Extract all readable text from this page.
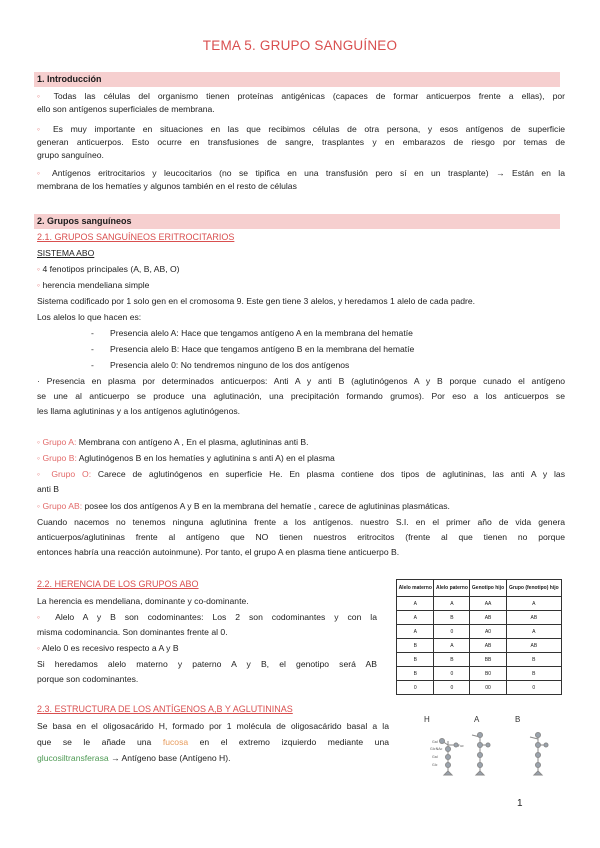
TEMA 5. GRUPO SANGUÍNEO
1. Introducción
◦ Todas las células del organismo tienen proteínas antigénicas (capaces de formar anticuerpos frente a ellas), por
ello son antígenos superficiales de membrana.
◦ Es muy importante en situaciones en las que recibimos células de otra persona, y esos antígenos de superficie
generan anticuerpos. Esto ocurre en transfusiones de sangre, trasplantes y en embarazos de riesgo por temas de
grupo sanguíneo.
◦ Antígenos eritrocitarios y leucocitarios (no se tipifica en una transfusión pero sí en un trasplante) → Están en la
membrana de los hematíes y algunos también en el resto de células
2. Grupos sanguíneos
2.1. GRUPOS SANGUÍNEOS ERITROCITARIOS
SISTEMA ABO
◦ 4 fenotipos principales (A, B, AB, O)
◦ herencia mendeliana simple
Sistema codificado por 1 solo gen en el cromosoma 9. Este gen tiene 3 alelos, y heredamos 1 alelo de cada padre.
Los alelos lo que hacen es:
- Presencia alelo A: Hace que tengamos antígeno A en la membrana del hematíe
- Presencia alelo B: Hace que tengamos antígeno B en la membrana del hematíe
- Presencia alelo 0: No tendremos ninguno de los dos antígenos
· Presencia en plasma por determinados anticuerpos: Anti A y anti B (aglutinógenos A y B porque cunado el antígeno
se une al anticuerpo se produce una aglutinación, una precipitación formando grumos). Por eso a los anticuerpos se
les llama aglutininas y a los antígenos aglutinógenos.
◦ Grupo A: Membrana con antígeno A , En el plasma, aglutininas anti B.
◦ Grupo B: Aglutinógenos B en los hematíes y aglutinina s anti A) en el plasma
◦ Grupo O: Carece de aglutinógenos en superficie He. En plasma contiene dos tipos de aglutininas, las anti A y las
anti B
◦ Grupo AB: posee los dos antígenos A y B en la membrana del hematíe , carece de aglutininas plasmáticas.
Cuando nacemos no tenemos ninguna aglutinina frente a los antígenos. nuestro S.I. en el primer año de vida genera
anticuerpos/aglutininas frente al antígeno que NO tienen nuestros eritrocitos (frente al que tienen no porque
entonces habría una reacción autoinmune). Por tanto, el grupo A en plasma tiene anticuerpo B.
2.2. HERENCIA DE LOS GRUPOS ABO
La herencia es mendeliana, dominante y co-dominante.
◦ Alelo A y B son codominantes: Los 2 son codominantes y con la
misma codominancia. Son dominantes frente al 0.
◦ Alelo 0 es recesivo respecto a A y B
Si heredamos alelo materno y paterno A y B, el genotipo será AB
porque son codominantes.
Alelo materno	Alelo paterno	Genotipo hijo	Grupo (fenotipo) hijo
A	A	AA	A
A	B	AB	AB
A	0	A0	A
B	A	AB	AB
B	B	BB	B
B	0	B0	B
0	0	00	0
2.3. ESTRUCTURA DE LOS ANTÍGENOS A,B Y AGLUTININAS
Se basa en el oligosacárido H, formado por 1 molécula de oligosacárido basal a la
que se le añade una fucosa en el extremo izquierdo mediante una
glucosiltransferasa → Antígeno base (Antígeno H).
H	A	B
Gal
GlcNAc
Gal
Glc
Fuc
1
